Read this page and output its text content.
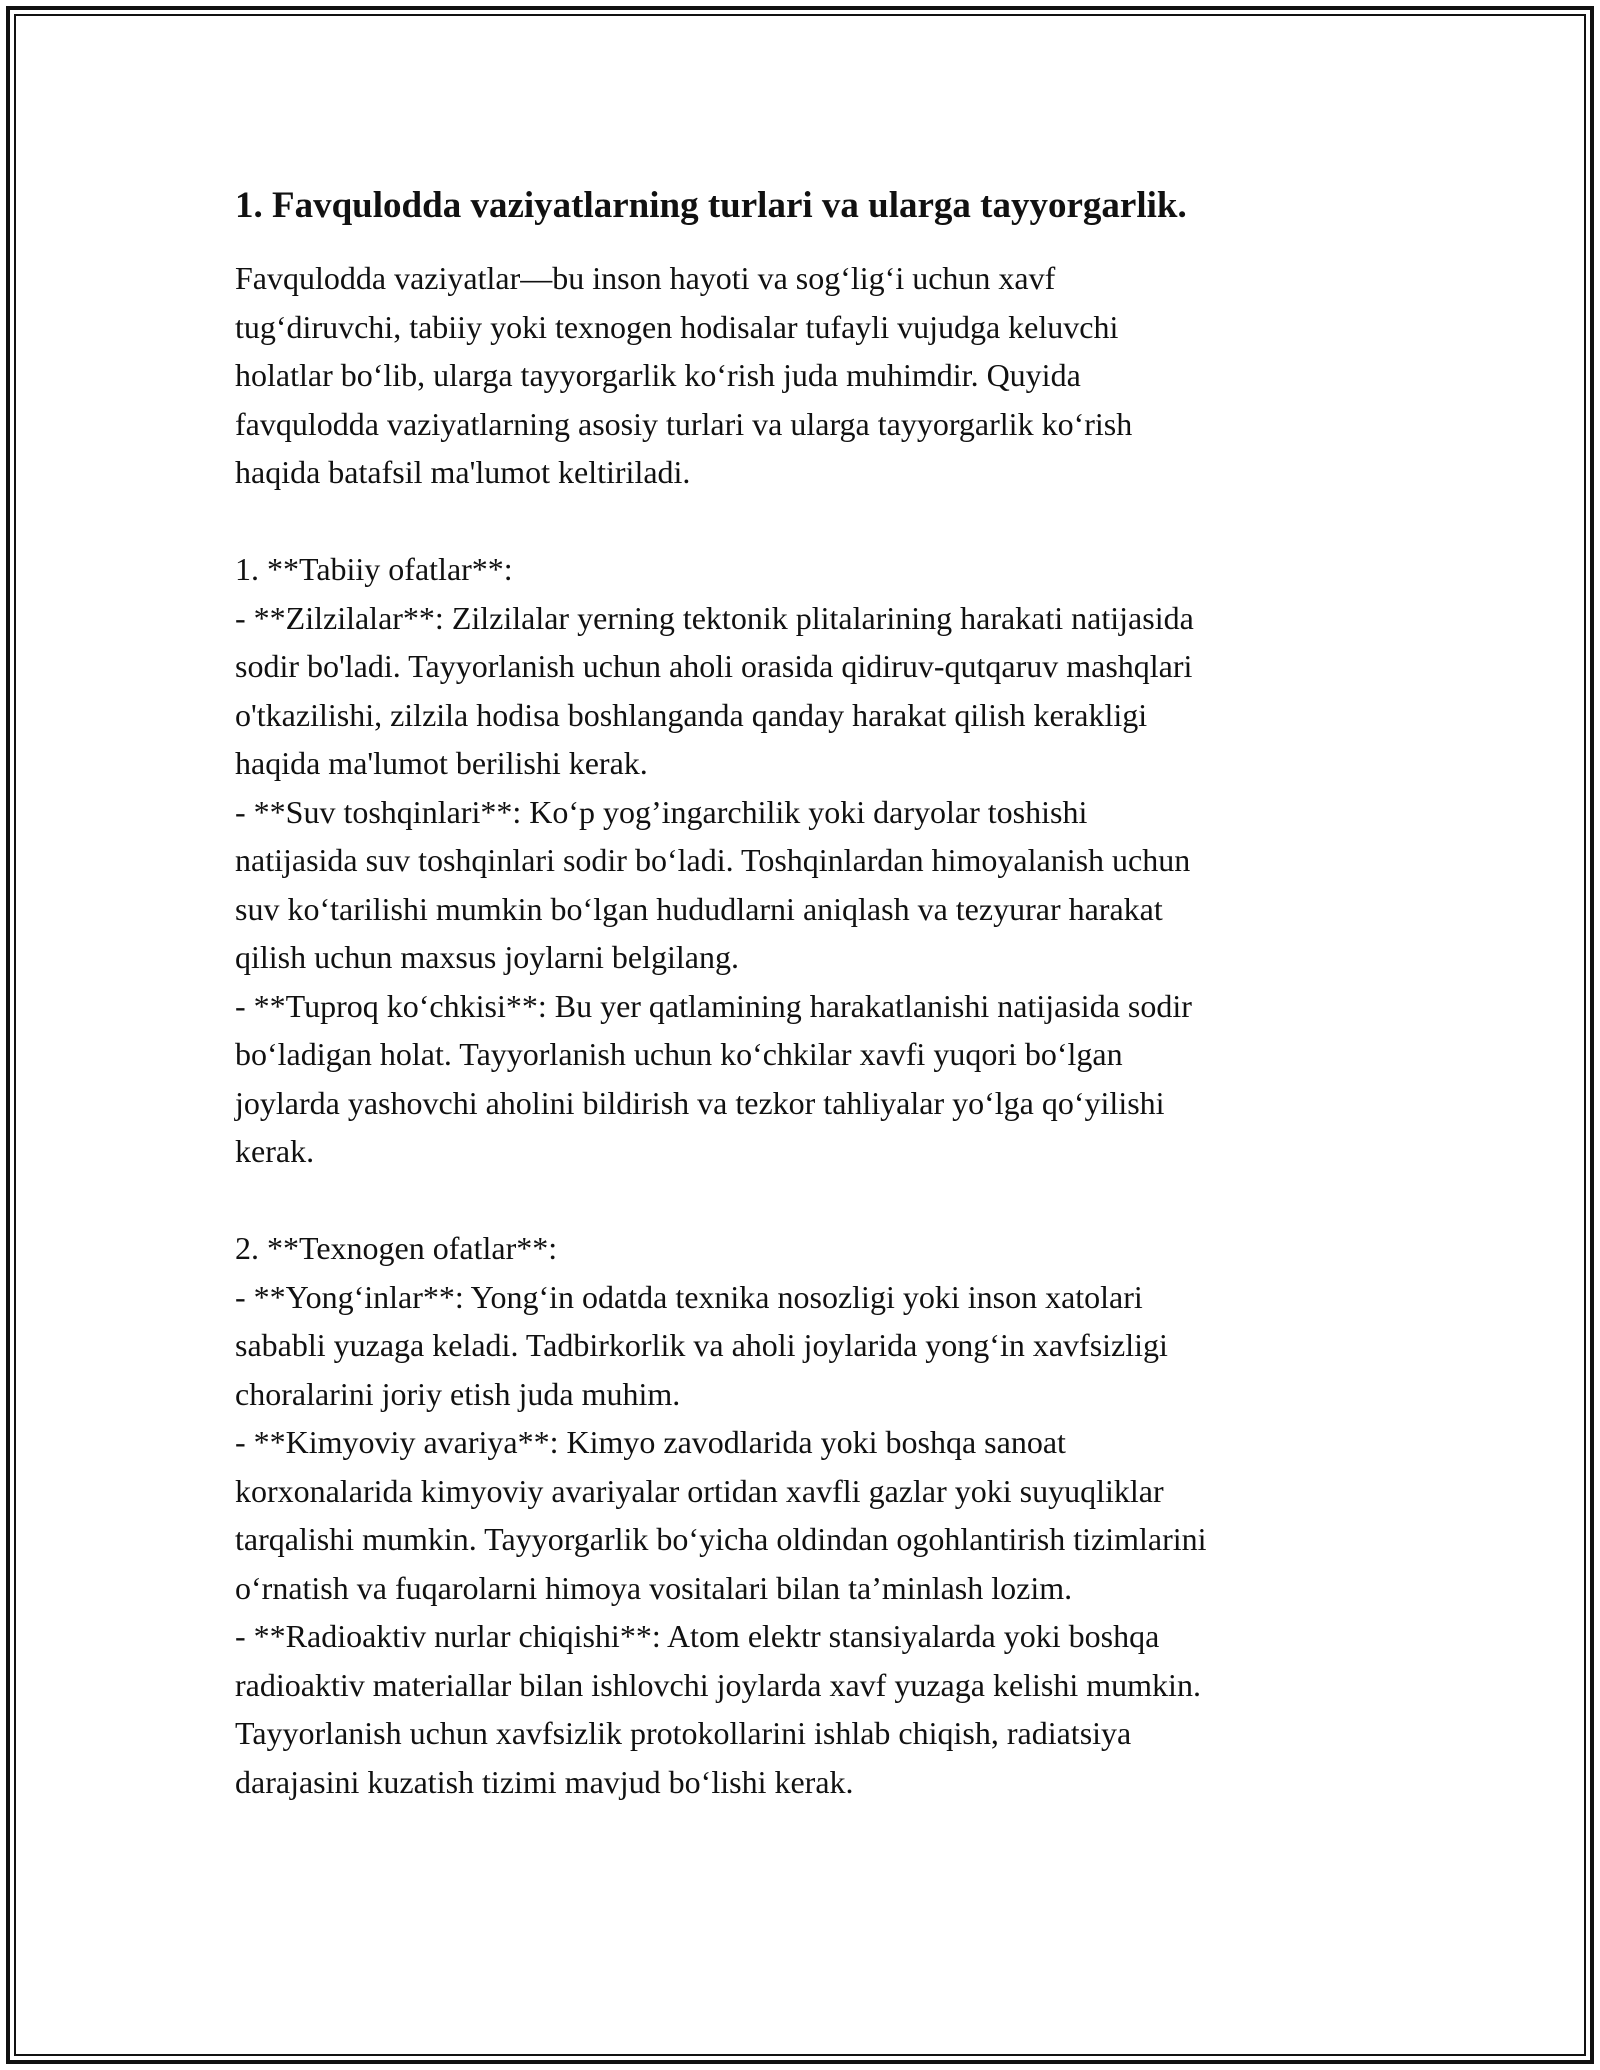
1. Favqulodda vaziyatlarning turlari va ularga tayyorgarlik.

Favqulodda vaziyatlar—bu inson hayoti va sog‘lig‘i uchun xavf
tug‘diruvchi, tabiiy yoki texnogen hodisalar tufayli vujudga keluvchi
holatlar bo‘lib, ularga tayyorgarlik ko‘rish juda muhimdir. Quyida
favqulodda vaziyatlarning asosiy turlari va ularga tayyorgarlik ko‘rish
haqida batafsil ma'lumot keltiriladi.

1. **Tabiiy ofatlar**:
- **Zilzilalar**: Zilzilalar yerning tektonik plitalarining harakati natijasida
sodir bo'ladi. Tayyorlanish uchun aholi orasida qidiruv-qutqaruv mashqlari
o'tkazilishi, zilzila hodisa boshlanganda qanday harakat qilish kerakligi
haqida ma'lumot berilishi kerak.
- **Suv toshqinlari**: Ko‘p yog’ingarchilik yoki daryolar toshishi
natijasida suv toshqinlari sodir bo‘ladi. Toshqinlardan himoyalanish uchun
suv ko‘tarilishi mumkin bo‘lgan hududlarni aniqlash va tezyurar harakat
qilish uchun maxsus joylarni belgilang.
- **Tuproq ko‘chkisi**: Bu yer qatlamining harakatlanishi natijasida sodir
bo‘ladigan holat. Tayyorlanish uchun ko‘chkilar xavfi yuqori bo‘lgan
joylarda yashovchi aholini bildirish va tezkor tahliyalar yo‘lga qo‘yilishi
kerak.

2. **Texnogen ofatlar**:
- **Yong‘inlar**: Yong‘in odatda texnika nosozligi yoki inson xatolari
sababli yuzaga keladi. Tadbirkorlik va aholi joylarida yong‘in xavfsizligi
choralarini joriy etish juda muhim.
- **Kimyoviy avariya**: Kimyo zavodlarida yoki boshqa sanoat
korxonalarida kimyoviy avariyalar ortidan xavfli gazlar yoki suyuqliklar
tarqalishi mumkin. Tayyorgarlik bo‘yicha oldindan ogohlantirish tizimlarini
o‘rnatish va fuqarolarni himoya vositalari bilan ta’minlash lozim.
- **Radioaktiv nurlar chiqishi**: Atom elektr stansiyalarda yoki boshqa
radioaktiv materiallar bilan ishlovchi joylarda xavf yuzaga kelishi mumkin.
Tayyorlanish uchun xavfsizlik protokollarini ishlab chiqish, radiatsiya
darajasini kuzatish tizimi mavjud bo‘lishi kerak.
